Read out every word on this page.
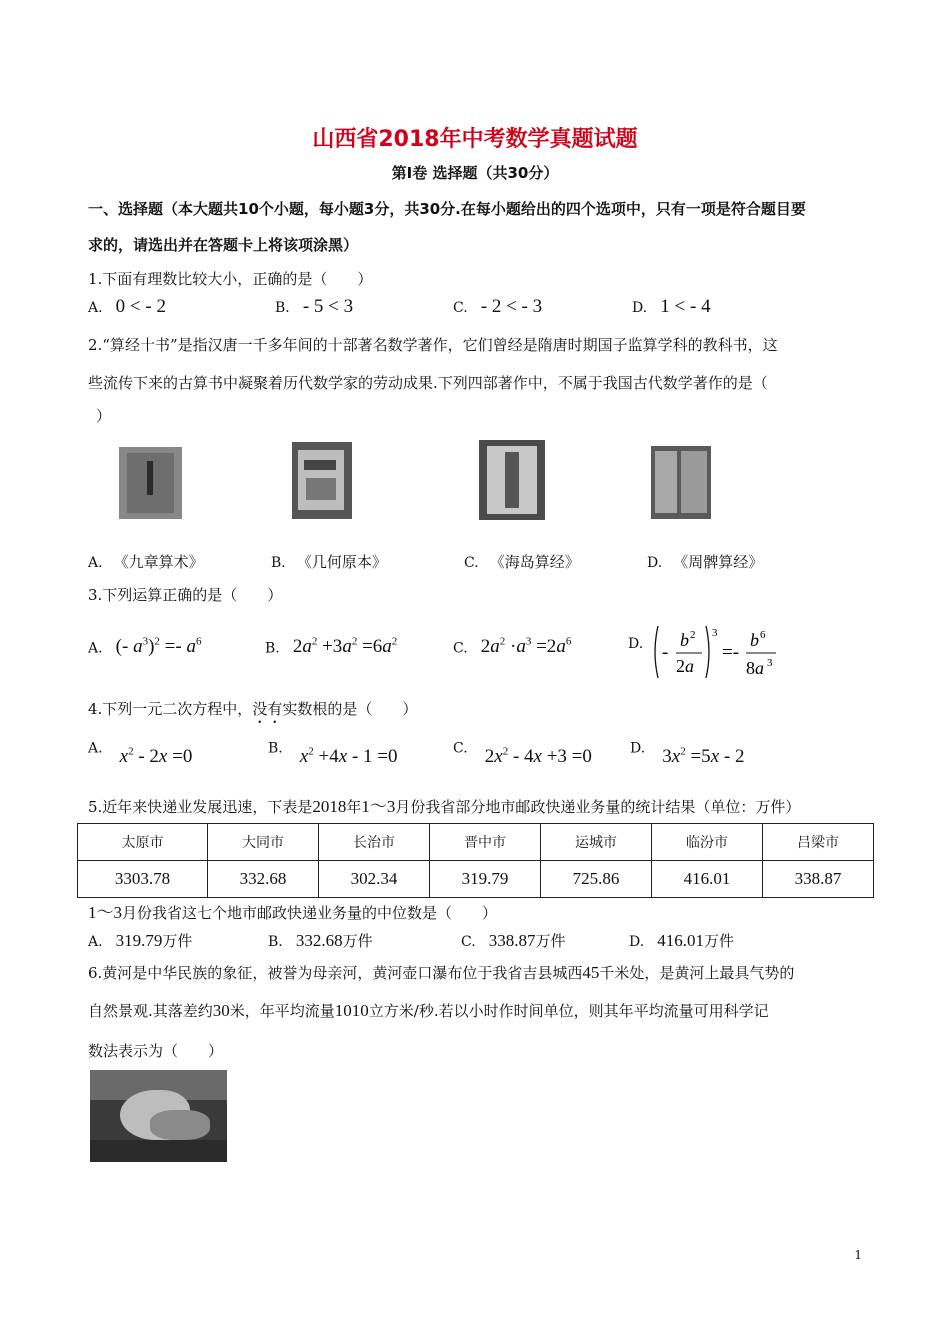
山西省2018年中考数学真题试题
第Ⅰ卷 选择题（共30分）
一、选择题（本大题共10个小题，每小题3分，共30分.在每小题给出的四个选项中，只有一项是符合题目要
求的，请选出并在答题卡上将该项涂黑）
1.下面有理数比较大小，正确的是（　　）
A. 0 < - 2	B. - 5 < 3	C. - 2 < - 3	D. 1 < - 4
2.“算经十书”是指汉唐一千多年间的十部著名数学著作，它们曾经是隋唐时期国子监算学科的教科书，这
些流传下来的古算书中凝聚着历代数学家的劳动成果.下列四部著作中，不属于我国古代数学著作的是（
）
A. 《九章算术》	B. 《几何原本》	C. 《海岛算经》	D. 《周髀算经》
3.下列运算正确的是（　　）
A. (- $a^3)^2 =- a^6$	B. $2a^2 +3a^2 =6a^2$	C. $2a^2 \cdot a^3 =2a^6$	D. -
b 2
2a
3
=-
b 6
8a 3
4.下列一元二次方程中，没有实数根的是（　　）
A. $x^2 - 2x =0$	B. $x^2 +4x - 1 =0$	C. $2x^2 - 4x +3 =0$	D. $3x^2 =5x - 2$
5.近年来快递业发展迅速，下表是2018年1～3月份我省部分地市邮政快递业务量的统计结果（单位：万件）
太原市	大同市	长治市	晋中市	运城市	临汾市	吕梁市
3303.78	332.68	302.34	319.79	725.86	416.01	338.87
1～3月份我省这七个地市邮政快递业务量的中位数是（　　）
A. 319.79万件	B. 332.68万件	C. 338.87万件	D. 416.01万件
6.黄河是中华民族的象征，被誉为母亲河，黄河壶口瀑布位于我省吉县城西45千米处，是黄河上最具气势的
自然景观.其落差约30米，年平均流量1010立方米/秒.若以小时作时间单位，则其年平均流量可用科学记
数法表示为（　　）
1
